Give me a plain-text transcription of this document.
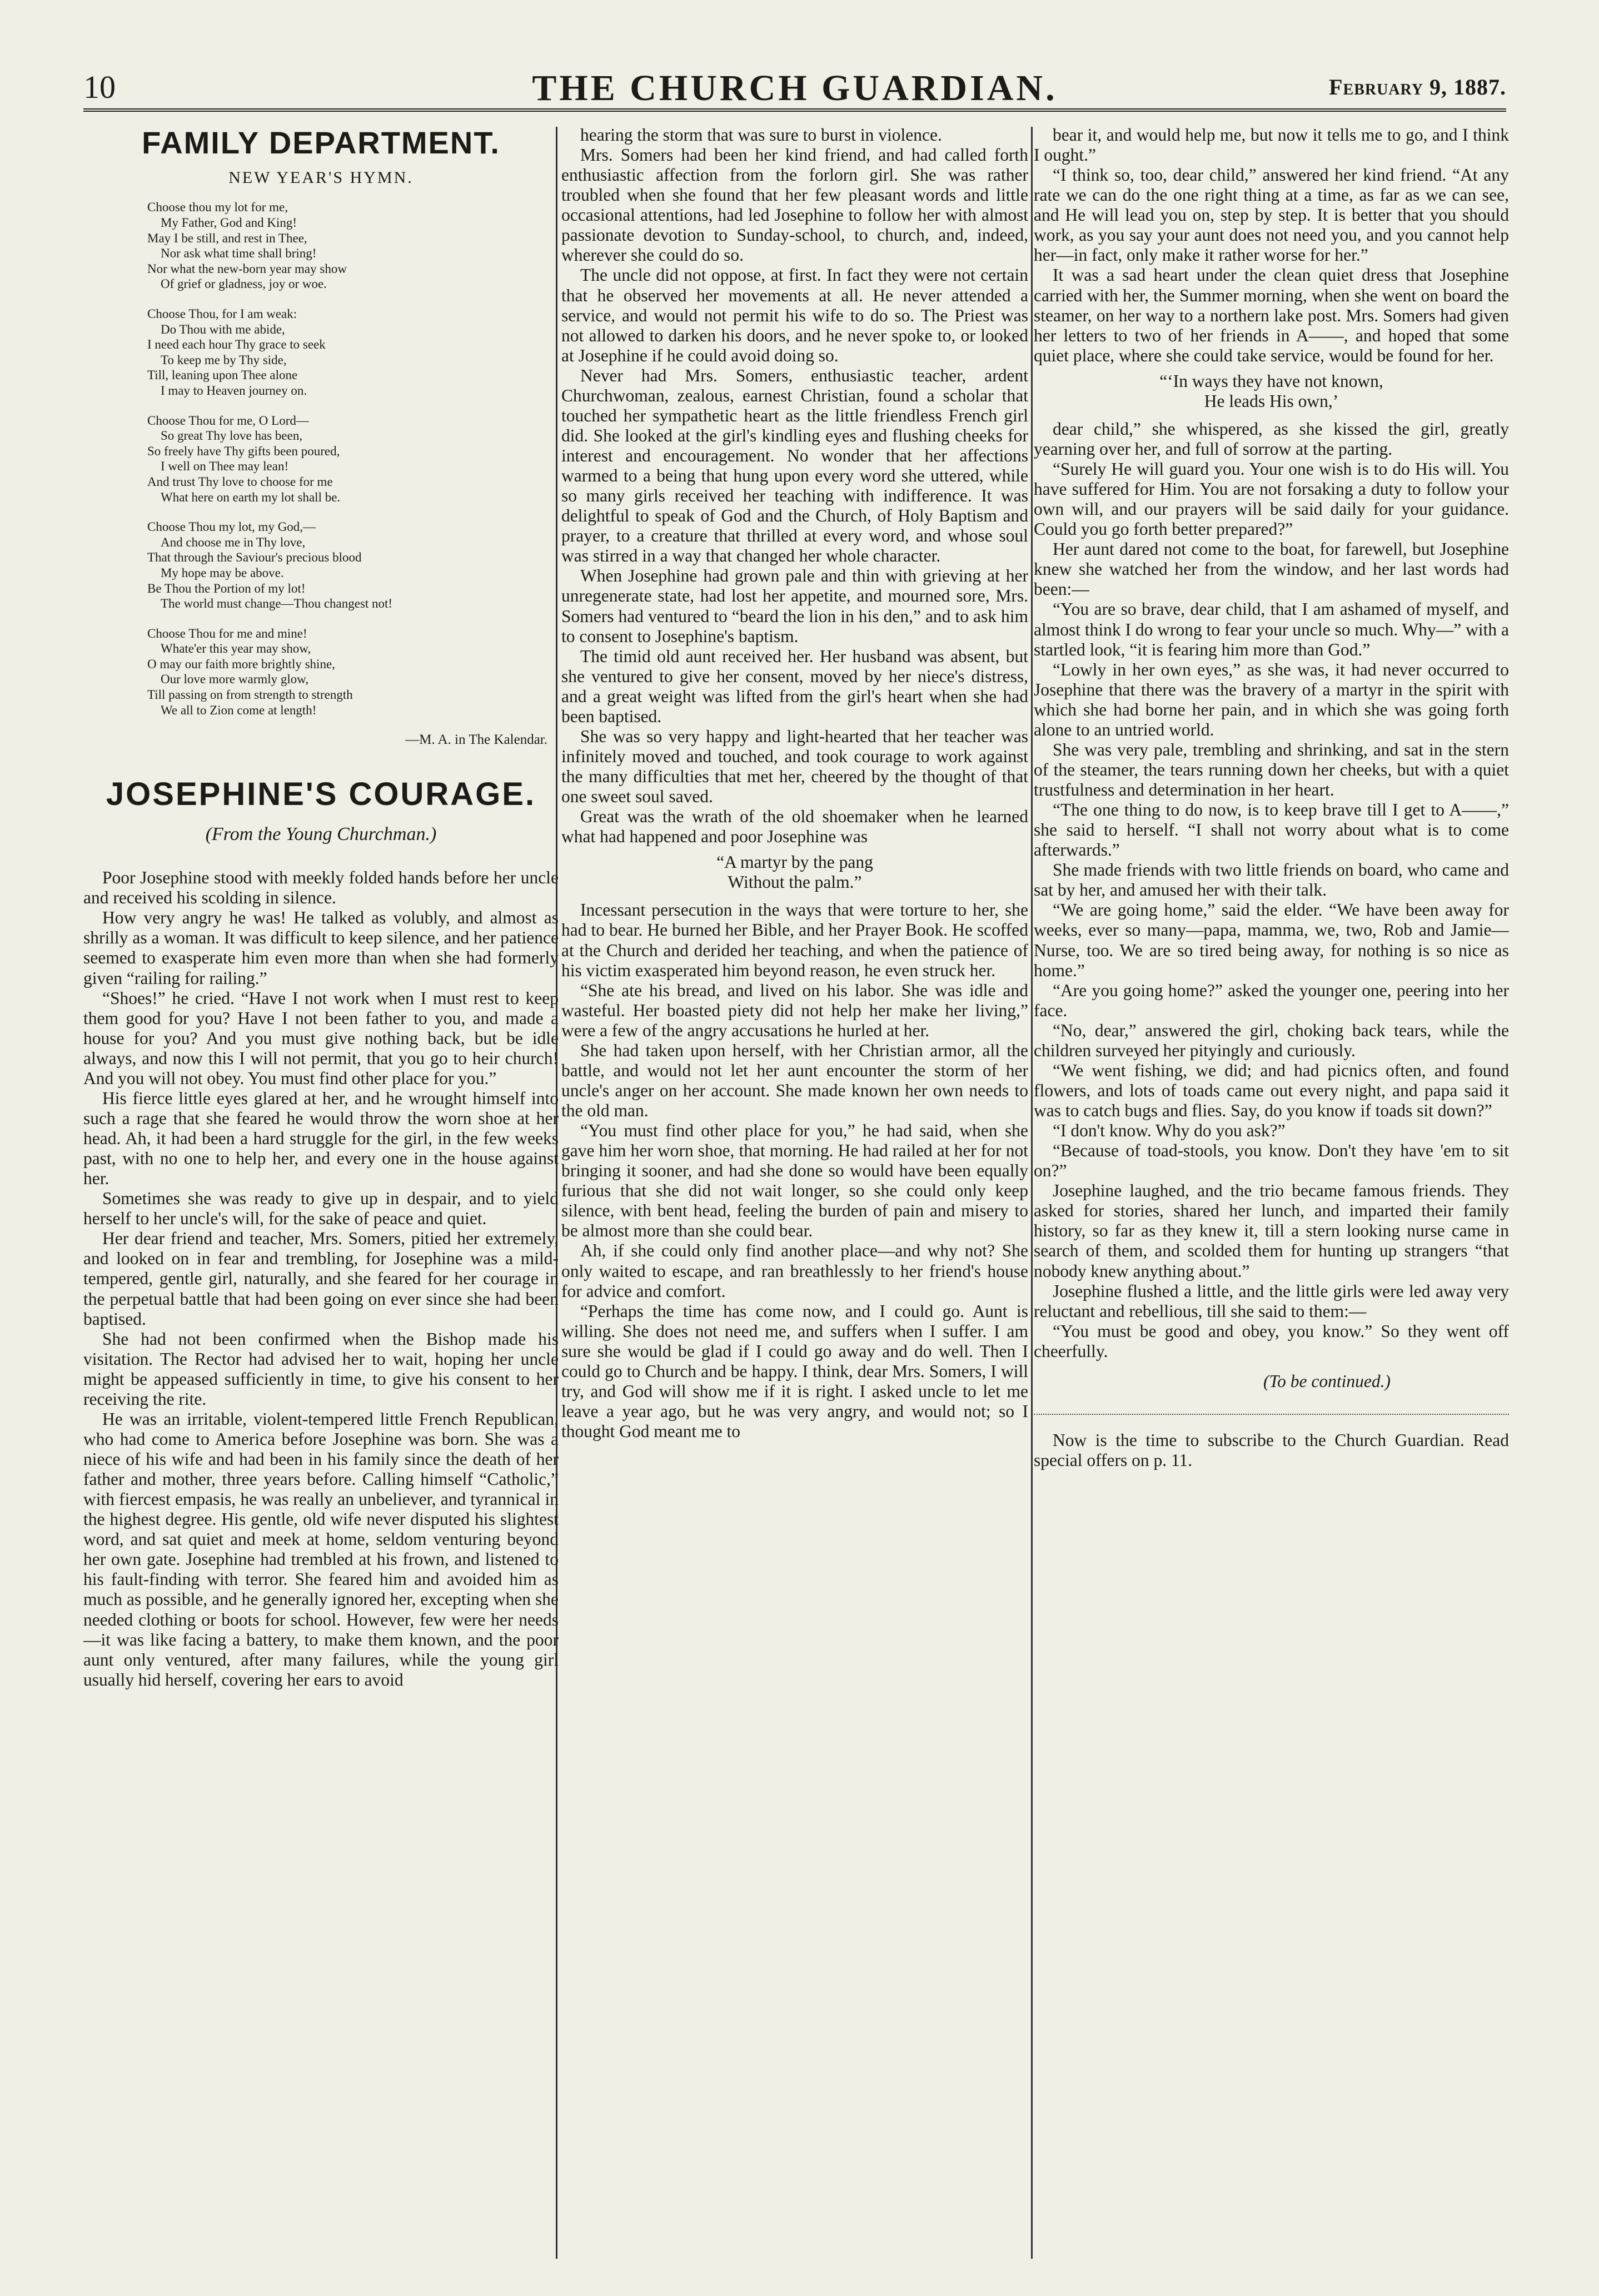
10	THE CHURCH GUARDIAN.	February 9, 1887.
FAMILY DEPARTMENT.
NEW YEAR'S HYMN.
Choose thou my lot for me,
My Father, God and King!
May I be still, and rest in Thee,
Nor ask what time shall bring!
Nor what the new-born year may show
Of grief or gladness, joy or woe.
Choose Thou, for I am weak:
Do Thou with me abide,
I need each hour Thy grace to seek
To keep me by Thy side,
Till, leaning upon Thee alone
I may to Heaven journey on.
Choose Thou for me, O Lord—
So great Thy love has been,
So freely have Thy gifts been poured,
I well on Thee may lean!
And trust Thy love to choose for me
What here on earth my lot shall be.
Choose Thou my lot, my God,—
And choose me in Thy love,
That through the Saviour's precious blood
My hope may be above.
Be Thou the Portion of my lot!
The world must change—Thou changest not!
Choose Thou for me and mine!
Whate'er this year may show,
O may our faith more brightly shine,
Our love more warmly glow,
Till passing on from strength to strength
We all to Zion come at length!
—M. A. in The Kalendar.
JOSEPHINE'S COURAGE.
(From the Young Churchman.)

Poor Josephine stood with meekly folded hands before her uncle and received his scolding in silence.

How very angry he was! He talked as volubly, and almost as shrilly as a woman. It was difficult to keep silence, and her patience seemed to exasperate him even more than when she had formerly given “railing for railing.”

“Shoes!” he cried. “Have I not work when I must rest to keep them good for you? Have I not been father to you, and made a house for you? And you must give nothing back, but be idle always, and now this I will not permit, that you go to heir church! And you will not obey. You must find other place for you.”

His fierce little eyes glared at her, and he wrought himself into such a rage that she feared he would throw the worn shoe at her head. Ah, it had been a hard struggle for the girl, in the few weeks past, with no one to help her, and every one in the house against her.

Sometimes she was ready to give up in despair, and to yield herself to her uncle's will, for the sake of peace and quiet.

Her dear friend and teacher, Mrs. Somers, pitied her extremely, and looked on in fear and trembling, for Josephine was a mild-tempered, gentle girl, naturally, and she feared for her courage in the perpetual battle that had been going on ever since she had been baptised.

She had not been confirmed when the Bishop made his visitation. The Rector had advised her to wait, hoping her uncle might be appeased sufficiently in time, to give his consent to her receiving the rite.

He was an irritable, violent-tempered little French Republican, who had come to America before Josephine was born. She was a niece of his wife and had been in his family since the death of her father and mother, three years before. Calling himself “Catholic,” with fiercest empasis, he was really an unbeliever, and tyrannical in the highest degree. His gentle, old wife never disputed his slightest word, and sat quiet and meek at home, seldom venturing beyond her own gate. Josephine had trembled at his frown, and listened to his fault-finding with terror. She feared him and avoided him as much as possible, and he generally ignored her, excepting when she needed clothing or boots for school. However, few were her needs—it was like facing a battery, to make them known, and the poor aunt only ventured, after many failures, while the young girl usually hid herself, covering her ears to avoid

hearing the storm that was sure to burst in violence.

Mrs. Somers had been her kind friend, and had called forth enthusiastic affection from the forlorn girl. She was rather troubled when she found that her few pleasant words and little occasional attentions, had led Josephine to follow her with almost passionate devotion to Sunday-school, to church, and, indeed, wherever she could do so.

The uncle did not oppose, at first. In fact they were not certain that he observed her movements at all. He never attended a service, and would not permit his wife to do so. The Priest was not allowed to darken his doors, and he never spoke to, or looked at Josephine if he could avoid doing so.

Never had Mrs. Somers, enthusiastic teacher, ardent Churchwoman, zealous, earnest Christian, found a scholar that touched her sympathetic heart as the little friendless French girl did. She looked at the girl's kindling eyes and flushing cheeks for interest and encouragement. No wonder that her affections warmed to a being that hung upon every word she uttered, while so many girls received her teaching with indifference. It was delightful to speak of God and the Church, of Holy Baptism and prayer, to a creature that thrilled at every word, and whose soul was stirred in a way that changed her whole character.

When Josephine had grown pale and thin with grieving at her unregenerate state, had lost her appetite, and mourned sore, Mrs. Somers had ventured to “beard the lion in his den,” and to ask him to consent to Josephine's baptism.

The timid old aunt received her. Her husband was absent, but she ventured to give her consent, moved by her niece's distress, and a great weight was lifted from the girl's heart when she had been baptised.

She was so very happy and light-hearted that her teacher was infinitely moved and touched, and took courage to work against the many difficulties that met her, cheered by the thought of that one sweet soul saved.

Great was the wrath of the old shoemaker when he learned what had happened and poor Josephine was

“A martyr by the pang
Without the palm.”

Incessant persecution in the ways that were torture to her, she had to bear. He burned her Bible, and her Prayer Book. He scoffed at the Church and derided her teaching, and when the patience of his victim exasperated him beyond reason, he even struck her.

“She ate his bread, and lived on his labor. She was idle and wasteful. Her boasted piety did not help her make her living,” were a few of the angry accusations he hurled at her.

She had taken upon herself, with her Christian armor, all the battle, and would not let her aunt encounter the storm of her uncle's anger on her account. She made known her own needs to the old man.

“You must find other place for you,” he had said, when she gave him her worn shoe, that morning. He had railed at her for not bringing it sooner, and had she done so would have been equally furious that she did not wait longer, so she could only keep silence, with bent head, feeling the burden of pain and misery to be almost more than she could bear.

Ah, if she could only find another place—and why not? She only waited to escape, and ran breathlessly to her friend's house for advice and comfort.

“Perhaps the time has come now, and I could go. Aunt is willing. She does not need me, and suffers when I suffer. I am sure she would be glad if I could go away and do well. Then I could go to Church and be happy. I think, dear Mrs. Somers, I will try, and God will show me if it is right. I asked uncle to let me leave a year ago, but he was very angry, and would not; so I thought God meant me to

bear it, and would help me, but now it tells me to go, and I think I ought.”

“I think so, too, dear child,” answered her kind friend. “At any rate we can do the one right thing at a time, as far as we can see, and He will lead you on, step by step. It is better that you should work, as you say your aunt does not need you, and you cannot help her—in fact, only make it rather worse for her.”

It was a sad heart under the clean quiet dress that Josephine carried with her, the Summer morning, when she went on board the steamer, on her way to a northern lake post. Mrs. Somers had given her letters to two of her friends in A——, and hoped that some quiet place, where she could take service, would be found for her.

“‘In ways they have not known,
He leads His own,’

dear child,” she whispered, as she kissed the girl, greatly yearning over her, and full of sorrow at the parting.

“Surely He will guard you. Your one wish is to do His will. You have suffered for Him. You are not forsaking a duty to follow your own will, and our prayers will be said daily for your guidance. Could you go forth better prepared?”

Her aunt dared not come to the boat, for farewell, but Josephine knew she watched her from the window, and her last words had been:—

“You are so brave, dear child, that I am ashamed of myself, and almost think I do wrong to fear your uncle so much. Why—” with a startled look, “it is fearing him more than God.”

“Lowly in her own eyes,” as she was, it had never occurred to Josephine that there was the bravery of a martyr in the spirit with which she had borne her pain, and in which she was going forth alone to an untried world.

She was very pale, trembling and shrinking, and sat in the stern of the steamer, the tears running down her cheeks, but with a quiet trustfulness and determination in her heart.

“The one thing to do now, is to keep brave till I get to A——,” she said to herself. “I shall not worry about what is to come afterwards.”

She made friends with two little friends on board, who came and sat by her, and amused her with their talk.

“We are going home,” said the elder. “We have been away for weeks, ever so many—papa, mamma, we, two, Rob and Jamie—Nurse, too. We are so tired being away, for nothing is so nice as home.”

“Are you going home?” asked the younger one, peering into her face.

“No, dear,” answered the girl, choking back tears, while the children surveyed her pityingly and curiously.

“We went fishing, we did; and had picnics often, and found flowers, and lots of toads came out every night, and papa said it was to catch bugs and flies. Say, do you know if toads sit down?”

“I don't know. Why do you ask?”

“Because of toad-stools, you know. Don't they have 'em to sit on?”

Josephine laughed, and the trio became famous friends. They asked for stories, shared her lunch, and imparted their family history, so far as they knew it, till a stern looking nurse came in search of them, and scolded them for hunting up strangers “that nobody knew anything about.”

Josephine flushed a little, and the little girls were led away very reluctant and rebellious, till she said to them:—

“You must be good and obey, you know.” So they went off cheerfully.

(To be continued.)

Now is the time to subscribe to the Church Guardian. Read special offers on p. 11.
